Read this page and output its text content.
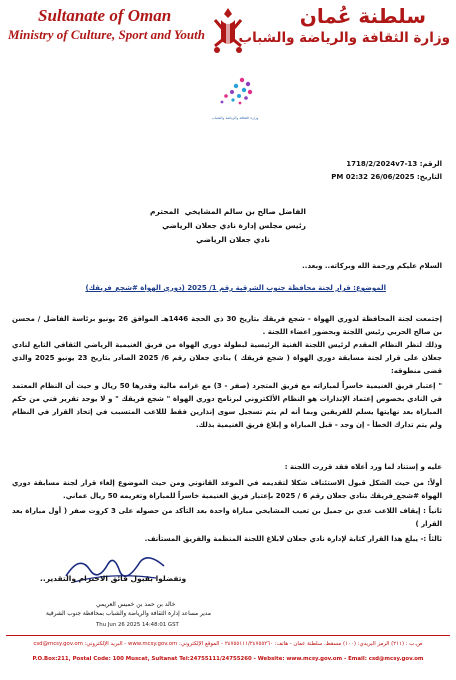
Sultanate of Oman
Ministry of Culture, Sport and Youth
سلطنة عُمان
وزارة الثقافة والرياضة والشباب
وزارة الثقافة والرياضة والشباب
الرقم: 1718/2/2024v7-13
التاريخ: 26/06/2025 02:32 PM
المحترم الفاضل صالح بن سالم المشايخي
رئيس مجلس إدارة نادي جعلان الرياضي
نادي جعلان الرياضي
السلام عليكم ورحمة الله وبركاته.. وبعد..
الموضوع: قرار لجنة محافظة جنوب الشرقية رقم 1/ 2025 (دوري الهواة #شجع_فريقك)
إجتمعت لجنة المحافظة لدوري الهواة - شجع فريقك بتاريخ 30 ذي الحجة 1446هـ الموافق 26 يونيو برئاسة الفاضل / محسن بن صالح الحربي رئيس اللجنة وبحضور اعضاء اللجنة .
وذلك لنظر النظام المقدم لرئيس اللجنة الفنية الرئيسية لبطولة دوري الهواة من فريق الغنيمية الرياضي الثقافي التابع لنادي جعلان على قرار لجنة مسابقة دوري الهواة ( شجع فريقك ) بنادي جعلان رقم 6/ 2025 الصادر بتاريخ 23 يونيو 2025 والذي قضى منطوقه:
" إعتبار فريق الغنيمية خاسراً لمباراته مع فريق المتجرد (صفر - 3) مع غرامه مالية وقدرها 50 ريال و حيث أن النظام المعتمد في النادي بخصوص إعتماد الإنذارات هو النظام الألكتروني لبرنامج دوري الهواة " شجع فريقك " و لا يوجد تقرير فني من حكم المباراة بعد نهايتها يسلم للفريقين وبما أنه لم يتم تسجيل سوى إنذارين فقط لللاعب المتسبب في إتخاذ القرار في النظام ولم يتم تدارك الخطأ - إن وجد - قبل المباراة و إبلاغ فريق الغنيمية بذلك.
عليه و إستناد لما ورد أعلاه فقد قررت اللجنة :
أولاً: من حيث الشكل قبول الاستئناف شكلا لتقديمه في الموعد القانوني ومن حيث الموضوع إلغاء قرار لجنة مسابقة دوري الهواة #شجع_فريقك بنادي جعلان رقم 6 / 2025 بإعتبار فريق الغنيمية خاسراً للمباراة وتغريمه 50 ريال عماني.
ثانياً : إيقاف اللاعب عدي بن جميل بن تعيب المشايخي مباراة واحدة بعد التأكد من حصوله على 3 كروت صفر ( أول مباراة بعد القرار )
ثالثاً :- يبلغ هذا القرار كتابة لإدارة نادي جعلان لابلاغ اللجنة المنظمة والفريق المستأنف.
وتفضلوا بقبول فائق الاحترام والتقدير..
خالد بن حمد بن خميس العريمي
مدير مساعد إدارة الثقافة والرياضة والشباب بمحافظة جنوب الشرقية
Thu Jun 26 2025 14:48:01 GST
ص.ب : (٢١١) الرمز البريدي: (١٠٠) مسقط، سلطنة عمان - هاتف: ٢٤٧٥٥١١١/٢٤٧٥٥٢٦٠ - الموقع الإلكتروني: www.mcsy.gov.om - البريد الإلكتروني: csd@mcsy.gov.om
P.O.Box:211, Postal Code: 100 Muscat, Sultanat Tel:24755111/24755260 - Website: www.mcsy.gov.om - Email: csd@mcsy.gov.om
